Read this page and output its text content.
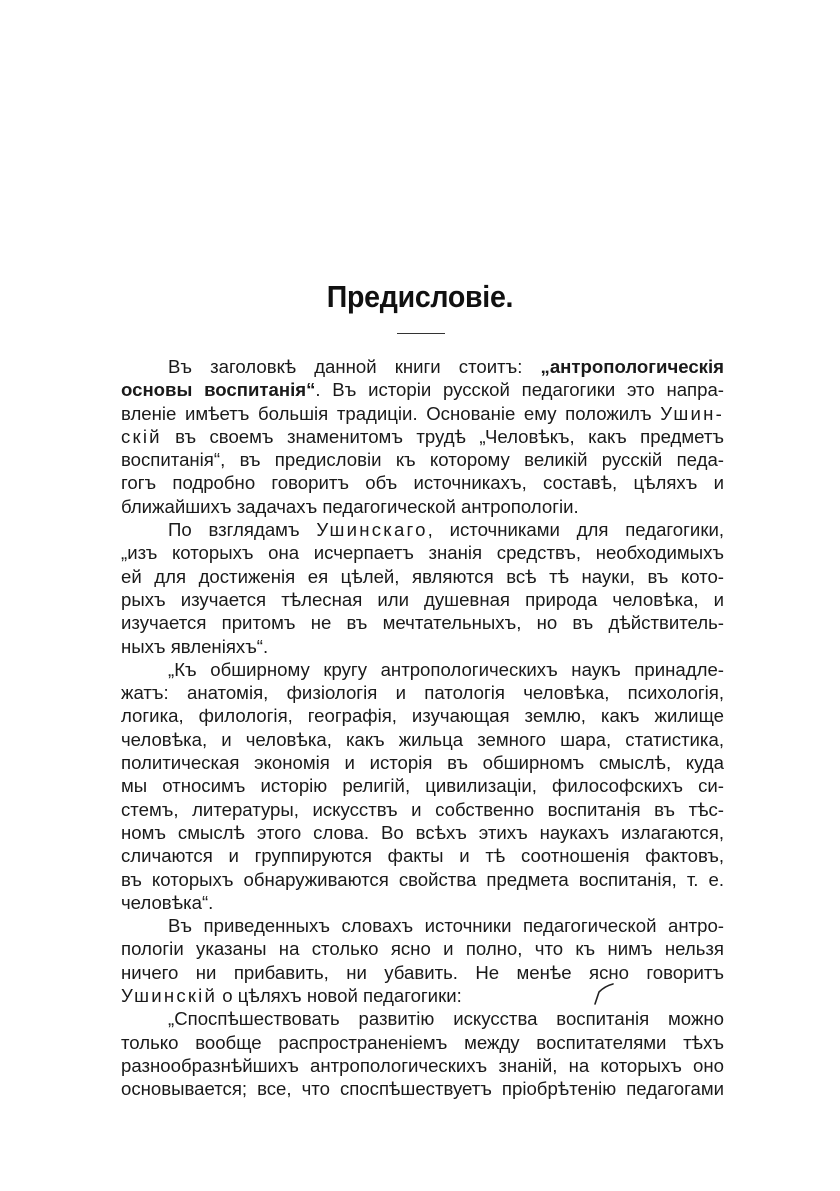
Предисловіе.
Въ заголовкѣ данной книги стоитъ: „антропологическія
основы воспитанія“. Въ исторіи русской педагогики это напра-
вленіе имѣетъ большія традиціи. Основаніе ему положилъ Ушин-
скій въ своемъ знаменитомъ трудѣ „Человѣкъ, какъ предметъ
воспитанія“, въ предисловіи къ которому великій русскій педа-
гогъ подробно говоритъ объ источникахъ, составѣ, цѣляхъ и
ближайшихъ задачахъ педагогической антропологіи.
По взглядамъ Ушинскаго, источниками для педагогики,
„изъ которыхъ она исчерпаетъ знанія средствъ, необходимыхъ
ей для достиженія ея цѣлей, являются всѣ тѣ науки, въ кото-
рыхъ изучается тѣлесная или душевная природа человѣка, и
изучается притомъ не въ мечтательныхъ, но въ дѣйствитель-
ныхъ явленіяхъ“.
„Къ обширному кругу антропологическихъ наукъ принадле-
жатъ: анатомія, физіологія и патологія человѣка, психологія,
логика, филологія, географія, изучающая землю, какъ жилище
человѣка, и человѣка, какъ жильца земного шара, статистика,
политическая экономія и исторія въ обширномъ смыслѣ, куда
мы относимъ исторію религій, цивилизаціи, философскихъ си-
стемъ, литературы, искусствъ и собственно воспитанія въ тѣс-
номъ смыслѣ этого слова. Во всѣхъ этихъ наукахъ излагаются,
сличаются и группируются факты и тѣ соотношенія фактовъ,
въ которыхъ обнаруживаются свойства предмета воспитанія, т. е.
человѣка“.
Въ приведенныхъ словахъ источники педагогической антро-
пологіи указаны на столько ясно и полно, что къ нимъ нельзя
ничего ни прибавить, ни убавить. Не менѣе ясно говоритъ
Ушинскій о цѣляхъ новой педагогики:
„Споспѣшествовать развитію искусства воспитанія можно
только вообще распространеніемъ между воспитателями тѣхъ
разнообразнѣйшихъ антропологическихъ знаній, на которыхъ оно
основывается; все, что споспѣшествуетъ пріобрѣтенію педагогами
